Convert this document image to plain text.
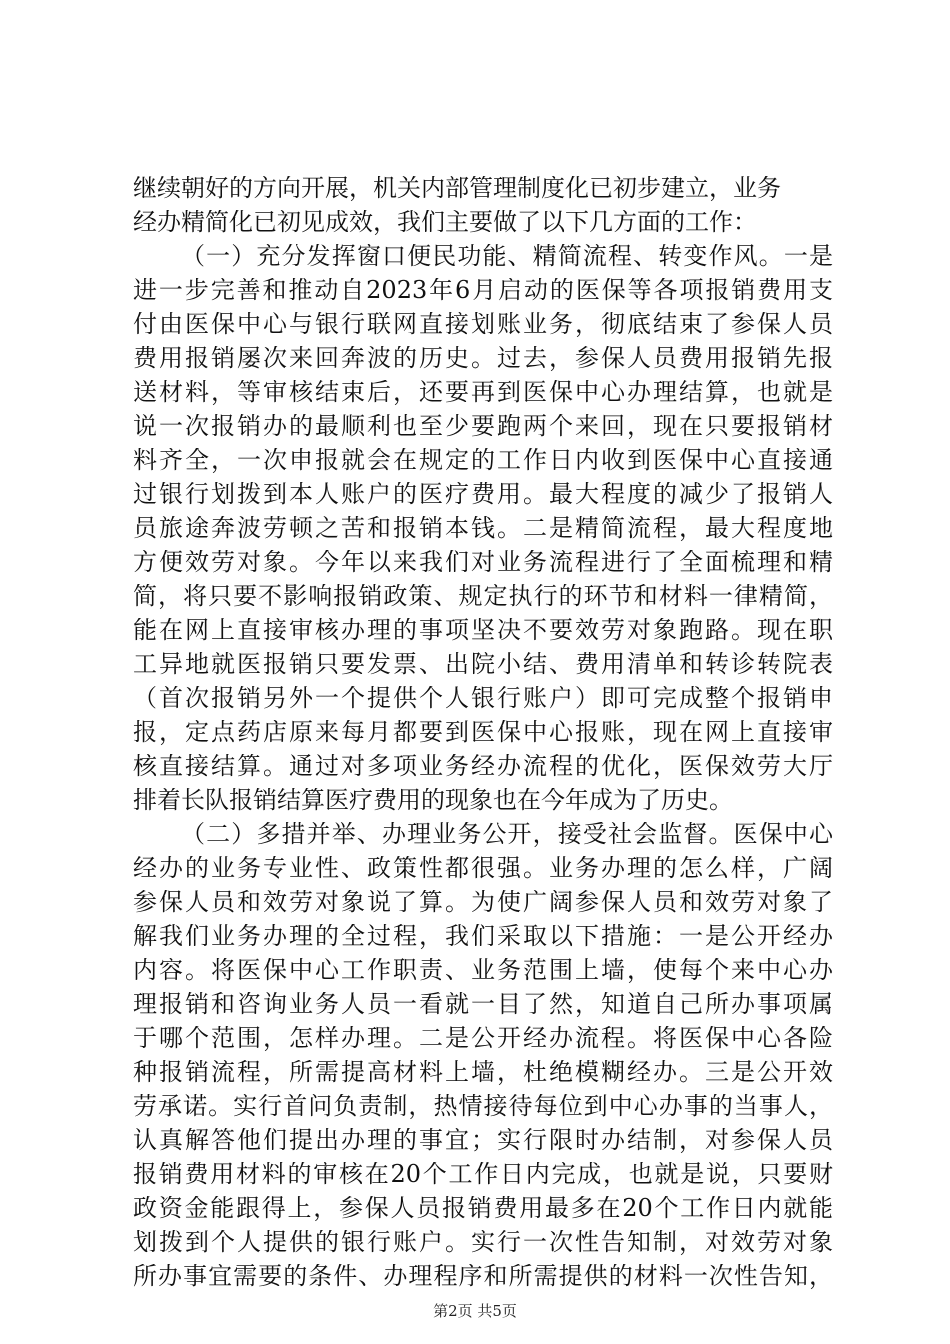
继续朝好的方向开展，机关内部管理制度化已初步建立，业务
经办精简化已初见成效，我们主要做了以下几方面的工作：
（一）充分发挥窗口便民功能、精简流程、转变作风。一是
进一步完善和推动自2023年6月启动的医保等各项报销费用支
付由医保中心与银行联网直接划账业务，彻底结束了参保人员
费用报销屡次来回奔波的历史。过去，参保人员费用报销先报
送材料，等审核结束后，还要再到医保中心办理结算，也就是
说一次报销办的最顺利也至少要跑两个来回，现在只要报销材
料齐全，一次申报就会在规定的工作日内收到医保中心直接通
过银行划拨到本人账户的医疗费用。最大程度的减少了报销人
员旅途奔波劳顿之苦和报销本钱。二是精简流程，最大程度地
方便效劳对象。今年以来我们对业务流程进行了全面梳理和精
简，将只要不影响报销政策、规定执行的环节和材料一律精简，
能在网上直接审核办理的事项坚决不要效劳对象跑路。现在职
工异地就医报销只要发票、出院小结、费用清单和转诊转院表
（首次报销另外一个提供个人银行账户）即可完成整个报销申
报，定点药店原来每月都要到医保中心报账，现在网上直接审
核直接结算。通过对多项业务经办流程的优化，医保效劳大厅
排着长队报销结算医疗费用的现象也在今年成为了历史。
（二）多措并举、办理业务公开，接受社会监督。医保中心
经办的业务专业性、政策性都很强。业务办理的怎么样，广阔
参保人员和效劳对象说了算。为使广阔参保人员和效劳对象了
解我们业务办理的全过程，我们采取以下措施：一是公开经办
内容。将医保中心工作职责、业务范围上墙，使每个来中心办
理报销和咨询业务人员一看就一目了然，知道自己所办事项属
于哪个范围，怎样办理。二是公开经办流程。将医保中心各险
种报销流程，所需提高材料上墙，杜绝模糊经办。三是公开效
劳承诺。实行首问负责制，热情接待每位到中心办事的当事人，
认真解答他们提出办理的事宜；实行限时办结制，对参保人员
报销费用材料的审核在20个工作日内完成，也就是说，只要财
政资金能跟得上，参保人员报销费用最多在20个工作日内就能
划拨到个人提供的银行账户。实行一次性告知制，对效劳对象
所办事宜需要的条件、办理程序和所需提供的材料一次性告知，
第2页 共5页
